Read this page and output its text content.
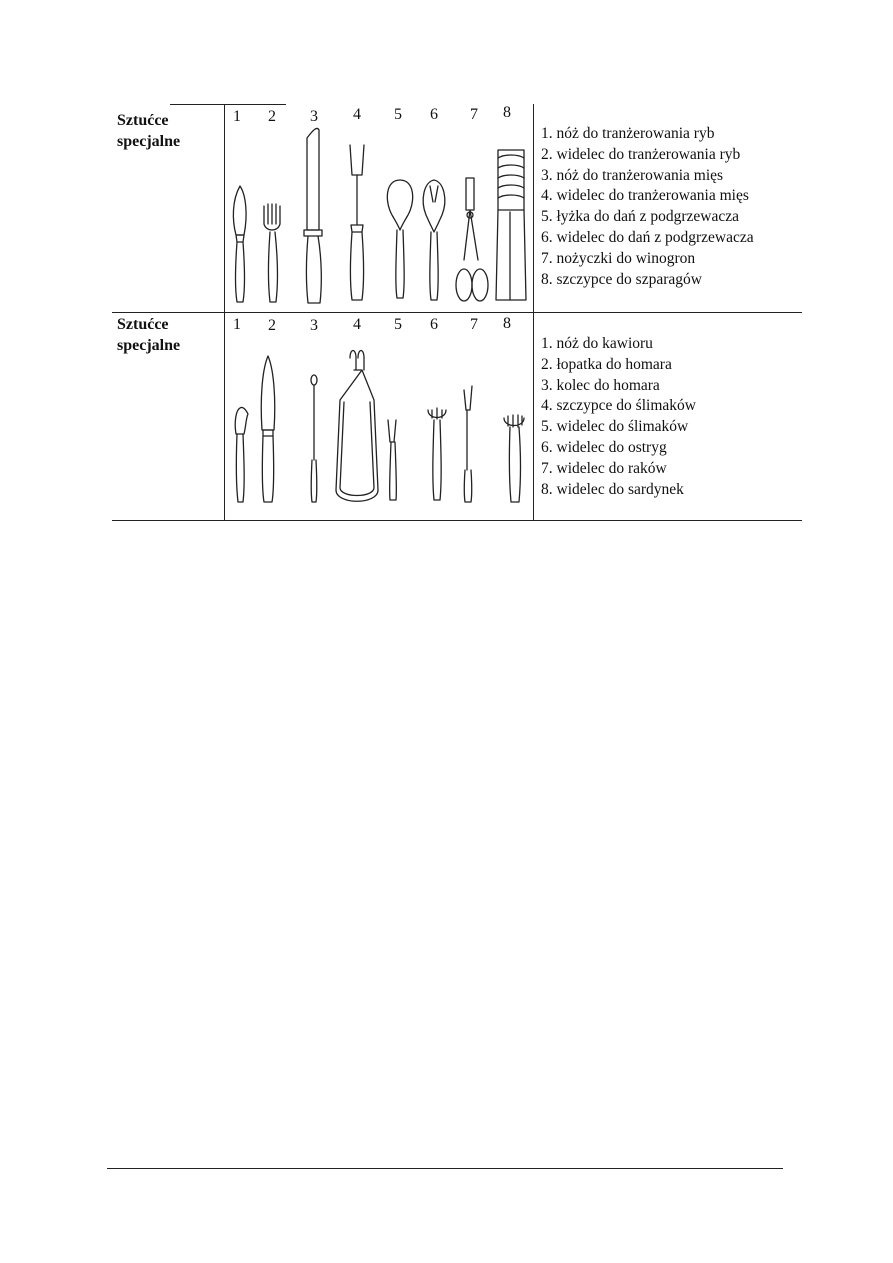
Sztućce
specjalne
1 2 3 4 5 6 7 8
1. nóż do tranżerowania ryb
2. widelec do tranżerowania ryb
3. nóż do tranżerowania mięs
4. widelec do tranżerowania mięs
5. łyżka do dań z podgrzewacza
6. widelec do dań z podgrzewacza
7. nożyczki do winogron
8. szczypce do szparagów
Sztućce
specjalne
1 2 3 4 5 6 7 8
1. nóż do kawioru
2. łopatka do homara
3. kolec do homara
4. szczypce do ślimaków
5. widelec do ślimaków
6. widelec do ostryg
7. widelec do raków
8. widelec do sardynek
